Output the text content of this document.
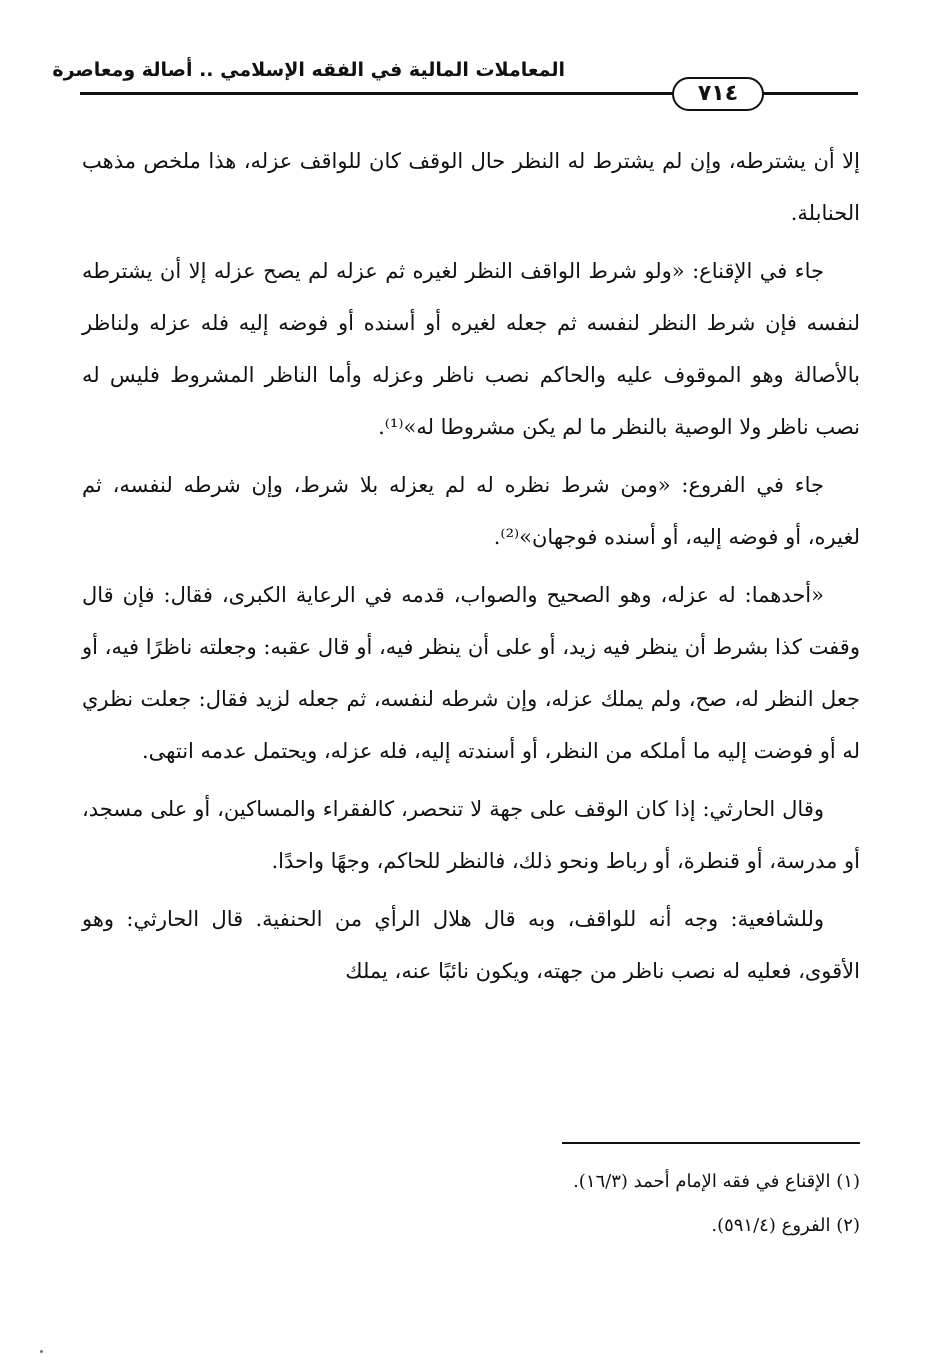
المعاملات المالية في الفقه الإسلامي .. أصالة ومعاصرة
٧١٤

إلا أن يشترطه، وإن لم يشترط له النظر حال الوقف كان للواقف عزله، هذا ملخص مذهب الحنابلة.

جاء في الإقناع: «ولو شرط الواقف النظر لغيره ثم عزله لم يصح عزله إلا أن يشترطه لنفسه فإن شرط النظر لنفسه ثم جعله لغيره أو أسنده أو فوضه إليه فله عزله ولناظر بالأصالة وهو الموقوف عليه والحاكم نصب ناظر وعزله وأما الناظر المشروط فليس له نصب ناظر ولا الوصية بالنظر ما لم يكن مشروطا له»⁽¹⁾.

جاء في الفروع: «ومن شرط نظره له لم يعزله بلا شرط، وإن شرطه لنفسه، ثم لغيره، أو فوضه إليه، أو أسنده فوجهان»⁽²⁾.

«أحدهما: له عزله، وهو الصحيح والصواب، قدمه في الرعاية الكبرى، فقال: فإن قال وقفت كذا بشرط أن ينظر فيه زيد، أو على أن ينظر فيه، أو قال عقبه: وجعلته ناظرًا فيه، أو جعل النظر له، صح، ولم يملك عزله، وإن شرطه لنفسه، ثم جعله لزيد فقال: جعلت نظري له أو فوضت إليه ما أملكه من النظر، أو أسندته إليه، فله عزله، ويحتمل عدمه انتهى.

وقال الحارثي: إذا كان الوقف على جهة لا تنحصر، كالفقراء والمساكين، أو على مسجد، أو مدرسة، أو قنطرة، أو رباط ونحو ذلك، فالنظر للحاكم، وجهًا واحدًا.

وللشافعية: وجه أنه للواقف، وبه قال هلال الرأي من الحنفية. قال الحارثي: وهو الأقوى، فعليه له نصب ناظر من جهته، ويكون نائبًا عنه، يملك

(١) الإقناع في فقه الإمام أحمد (١٦/٣).

(٢) الفروع (٥٩١/٤).
